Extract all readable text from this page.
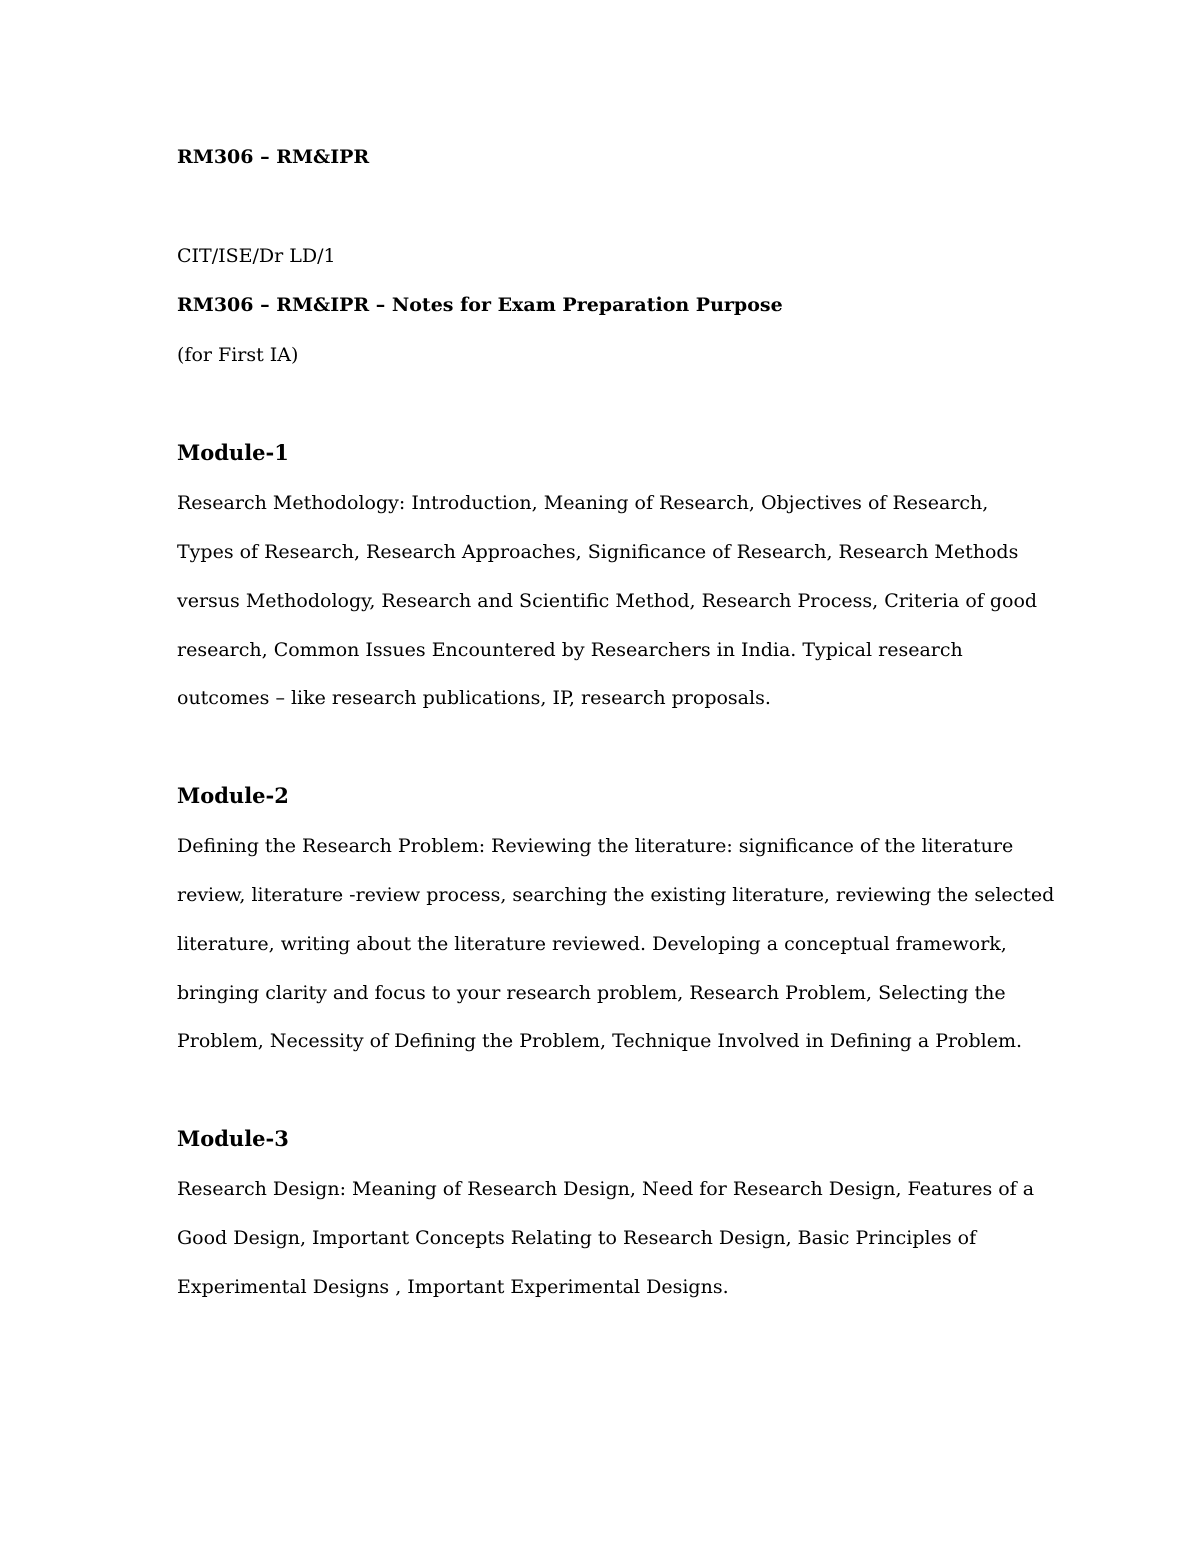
RM306 – RM&IPR
CIT/ISE/Dr LD/1
RM306 – RM&IPR – Notes for Exam Preparation Purpose
(for First IA)
Module-1
Research Methodology: Introduction, Meaning of Research, Objectives of Research,
Types of Research, Research Approaches, Significance of Research, Research Methods
versus Methodology, Research and Scientific Method, Research Process, Criteria of good
research, Common Issues Encountered by Researchers in India. Typical research
outcomes – like research publications, IP, research proposals.
Module-2
Defining the Research Problem: Reviewing the literature: significance of the literature
review, literature -review process, searching the existing literature, reviewing the selected
literature, writing about the literature reviewed. Developing a conceptual framework,
bringing clarity and focus to your research problem, Research Problem, Selecting the
Problem, Necessity of Defining the Problem, Technique Involved in Defining a Problem.
Module-3
Research Design: Meaning of Research Design, Need for Research Design, Features of a
Good Design, Important Concepts Relating to Research Design, Basic Principles of
Experimental Designs , Important Experimental Designs.
